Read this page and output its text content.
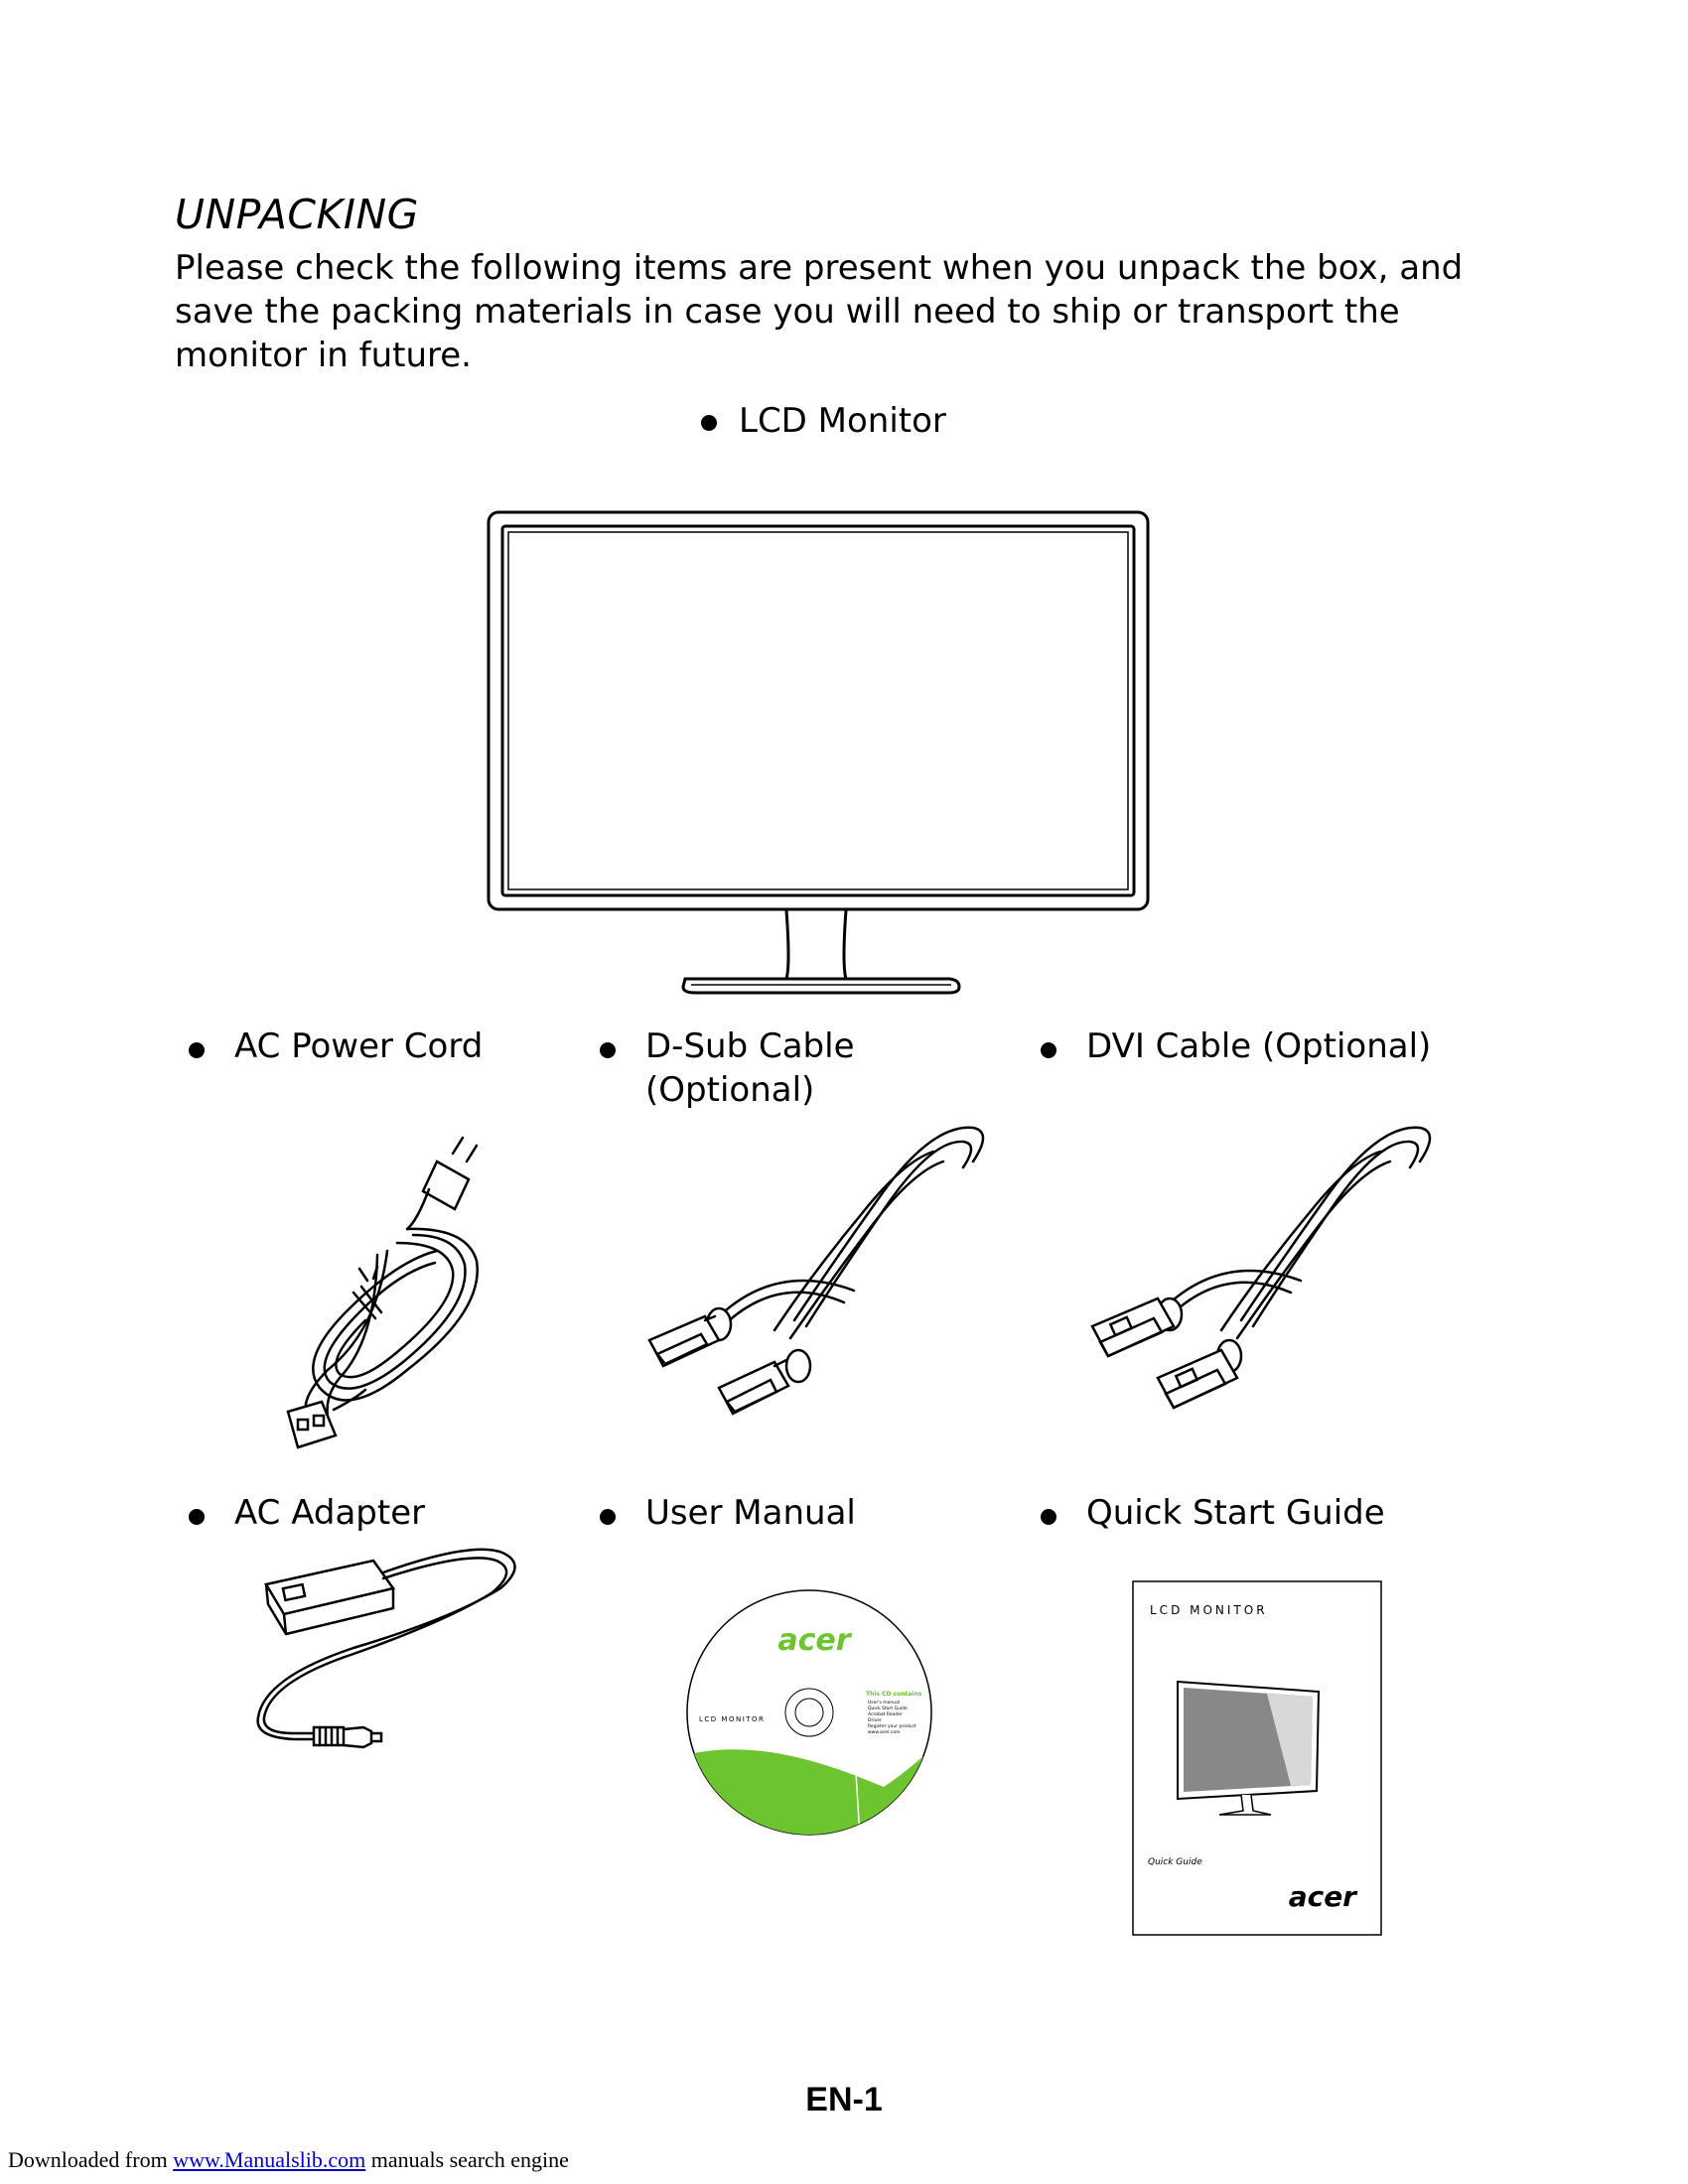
UNPACKING
Please check the following items are present when you unpack the box, and save the packing materials in case you will need to ship or transport the monitor in future.
LCD Monitor
AC Power Cord	D-Sub Cable (Optional)
DVI Cable (Optional)
AC Adapter	User Manual	Quick Start Guide
acer
LCD MONITOR
This CD contains
User's manual
Quick Start Guide
Acrobat Reader
Driver
Register your product
www.acer.com
LCD MONITOR
Quick Guide
acer
EN-1
Downloaded from www.Manualslib.com manuals search engine
